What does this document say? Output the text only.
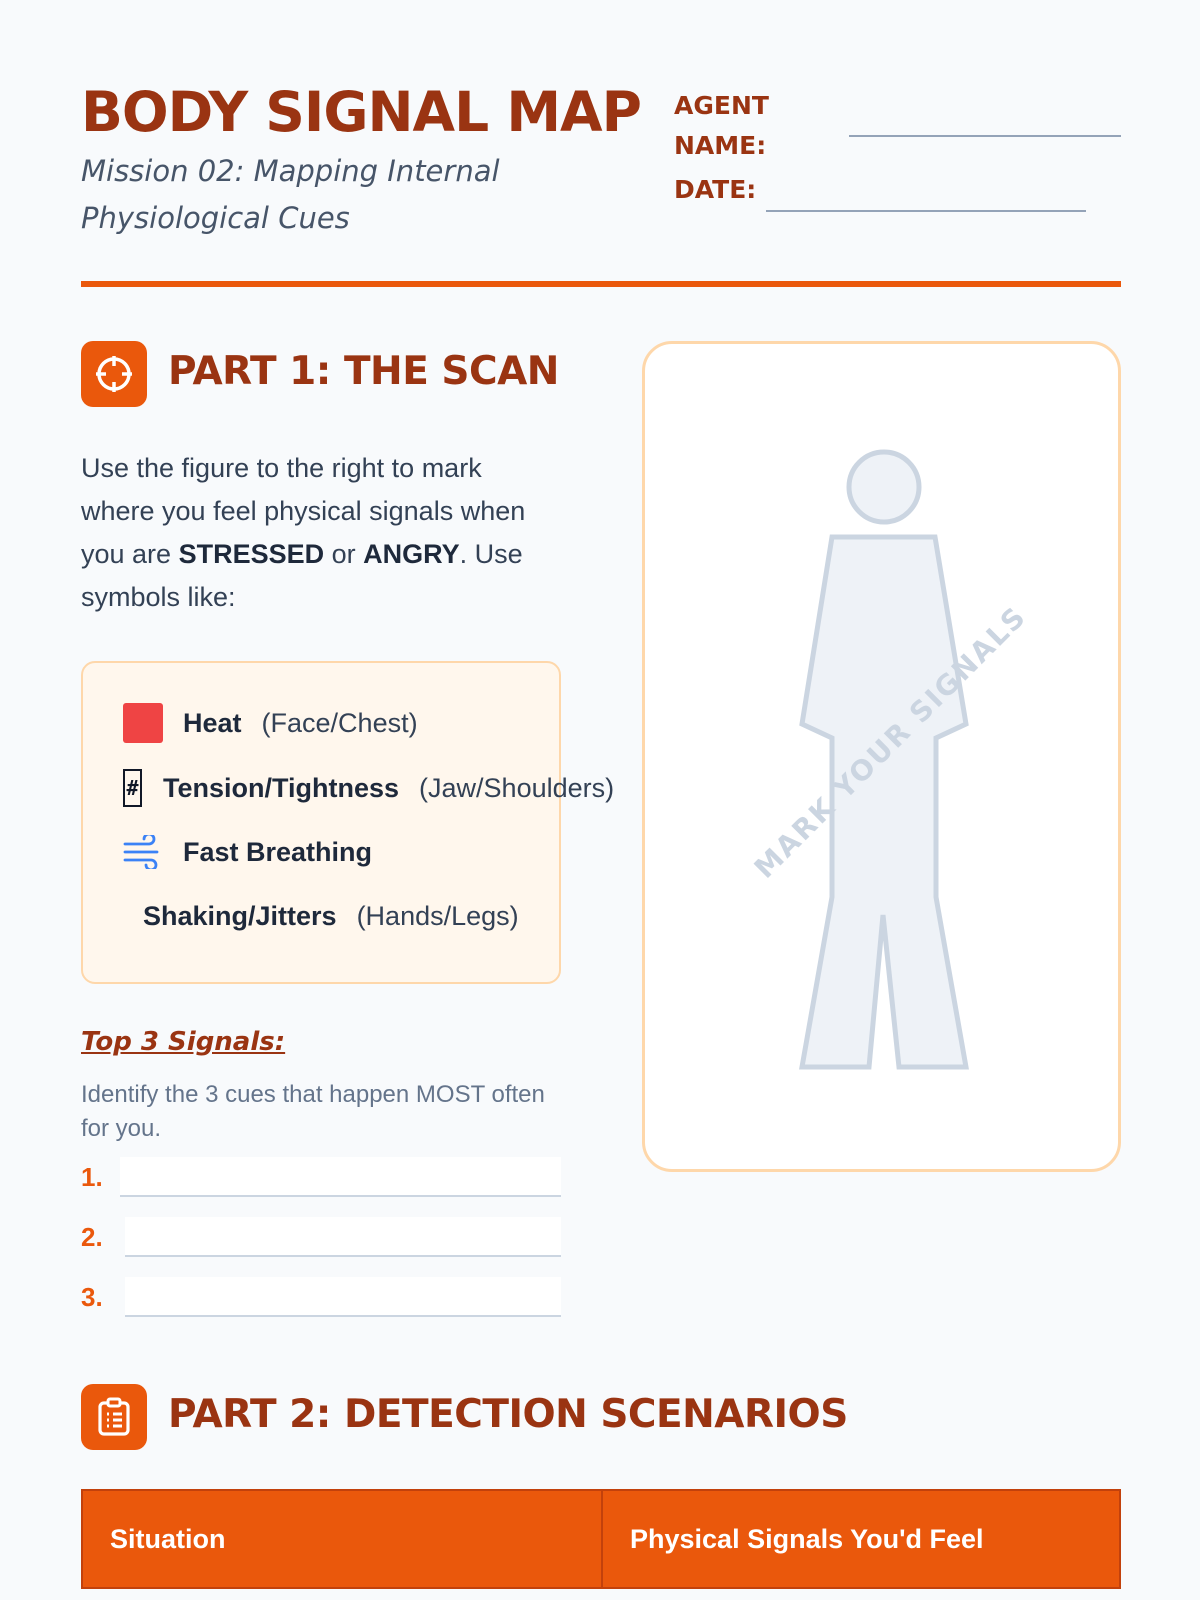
BODY SIGNAL MAP
Mission 02: Mapping Internal Physiological Cues
AGENT NAME:
DATE:
PART 1: THE SCAN

Use the figure to the right to mark where you feel physical signals when you are STRESSED or ANGRY. Use symbols like:

Heat (Face/Chest)
# Tension/Tightness (Jaw/Shoulders)
Fast Breathing
Shaking/Jitters (Hands/Legs)
Top 3 Signals:
Identify the 3 cues that happen MOST often for you.
1.
2.
3.
MARK YOUR SIGNALS
PART 2: DETECTION SCENARIOS
Situation	Physical Signals You'd Feel
